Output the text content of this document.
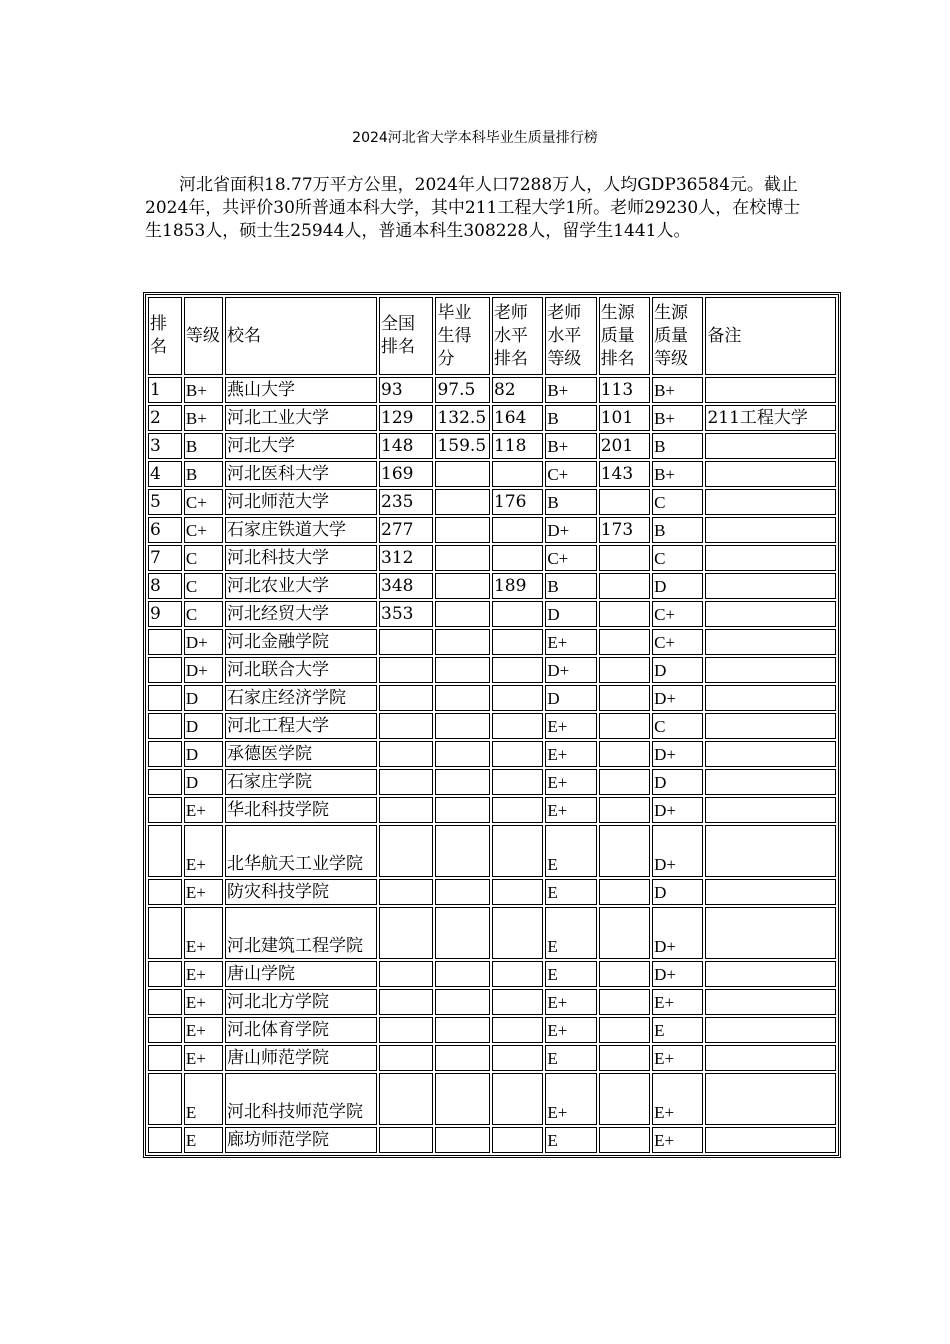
2024河北省大学本科毕业生质量排行榜

河北省面积18.77万平方公里，2024年人口7288万人，人均GDP36584元。截止2024年，共评价30所普通本科大学，其中211工程大学1所。老师29230人，在校博士生1853人，硕士生25944人，普通本科生308228人，留学生1441人。

排名	等级	校名	全国排名	毕业生得分	老师水平排名	老师水平等级	生源质量排名	生源质量等级	备注
1	B+	燕山大学	93	97.5	82	B+	113	B+	
2	B+	河北工业大学	129	132.5	164	B	101	B+	211工程大学
3	B	河北大学	148	159.5	118	B+	201	B	
4	B	河北医科大学	169			C+	143	B+	
5	C+	河北师范大学	235		176	B		C	
6	C+	石家庄铁道大学	277			D+	173	B	
7	C	河北科技大学	312			C+		C	
8	C	河北农业大学	348		189	B		D	
9	C	河北经贸大学	353			D		C+	
	D+	河北金融学院				E+		C+	
	D+	河北联合大学				D+		D	
	D	石家庄经济学院				D		D+	
	D	河北工程大学				E+		C	
	D	承德医学院				E+		D+	
	D	石家庄学院				E+		D	
	E+	华北科技学院				E+		D+	
	E+	北华航天工业学院				E		D+	
	E+	防灾科技学院				E		D	
	E+	河北建筑工程学院				E		D+	
	E+	唐山学院				E		D+	
	E+	河北北方学院				E+		E+	
	E+	河北体育学院				E+		E	
	E+	唐山师范学院				E		E+	
	E	河北科技师范学院				E+		E+	
	E	廊坊师范学院				E		E+	
